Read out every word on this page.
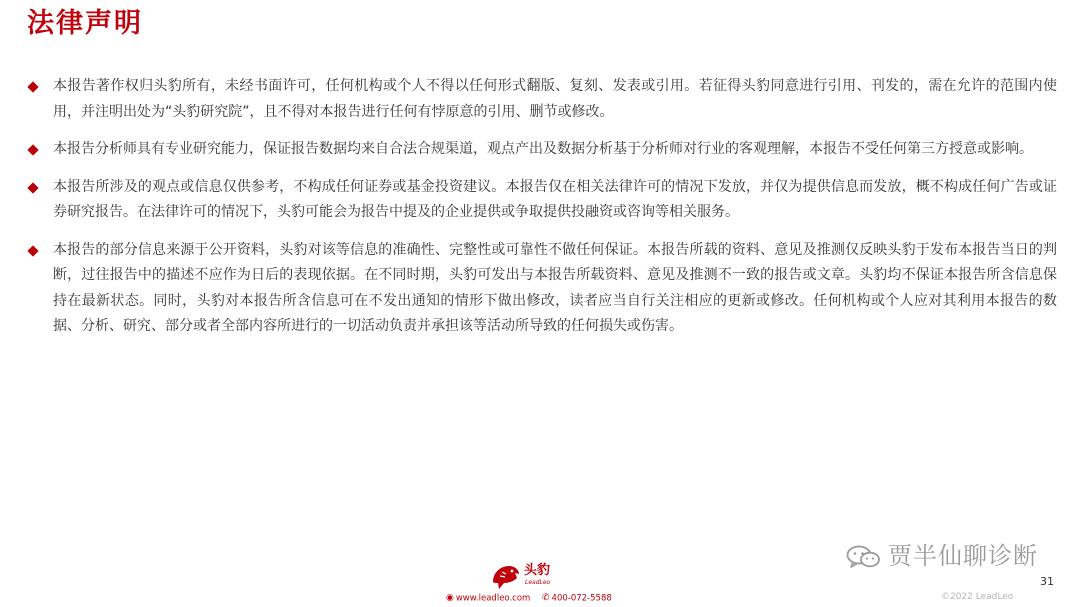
法律声明
本报告著作权归头豹所有，未经书面许可，任何机构或个人不得以任何形式翻版、复刻、发表或引用。若征得头豹同意进行引用、刊发的，需在允许的范围内使用，并注明出处为“头豹研究院”，且不得对本报告进行任何有悖原意的引用、删节或修改。
本报告分析师具有专业研究能力，保证报告数据均来自合法合规渠道，观点产出及数据分析基于分析师对行业的客观理解，本报告不受任何第三方授意或影响。
本报告所涉及的观点或信息仅供参考，不构成任何证券或基金投资建议。本报告仅在相关法律许可的情况下发放，并仅为提供信息而发放，概不构成任何广告或证券研究报告。在法律许可的情况下，头豹可能会为报告中提及的企业提供或争取提供投融资或咨询等相关服务。
本报告的部分信息来源于公开资料，头豹对该等信息的准确性、完整性或可靠性不做任何保证。本报告所载的资料、意见及推测仅反映头豹于发布本报告当日的判断，过往报告中的描述不应作为日后的表现依据。在不同时期，头豹可发出与本报告所载资料、意见及推测不一致的报告或文章。头豹均不保证本报告所含信息保持在最新状态。同时，头豹对本报告所含信息可在不发出通知的情形下做出修改，读者应当自行关注相应的更新或修改。任何机构或个人应对其利用本报告的数据、分析、研究、部分或者全部内容所进行的一切活动负责并承担该等活动所导致的任何损失或伤害。
贾半仙聊诊断
31
头豹
LeadLeo
◉ www.leadleo.com ✆ 400-072-5588	©2022 LeadLeo
